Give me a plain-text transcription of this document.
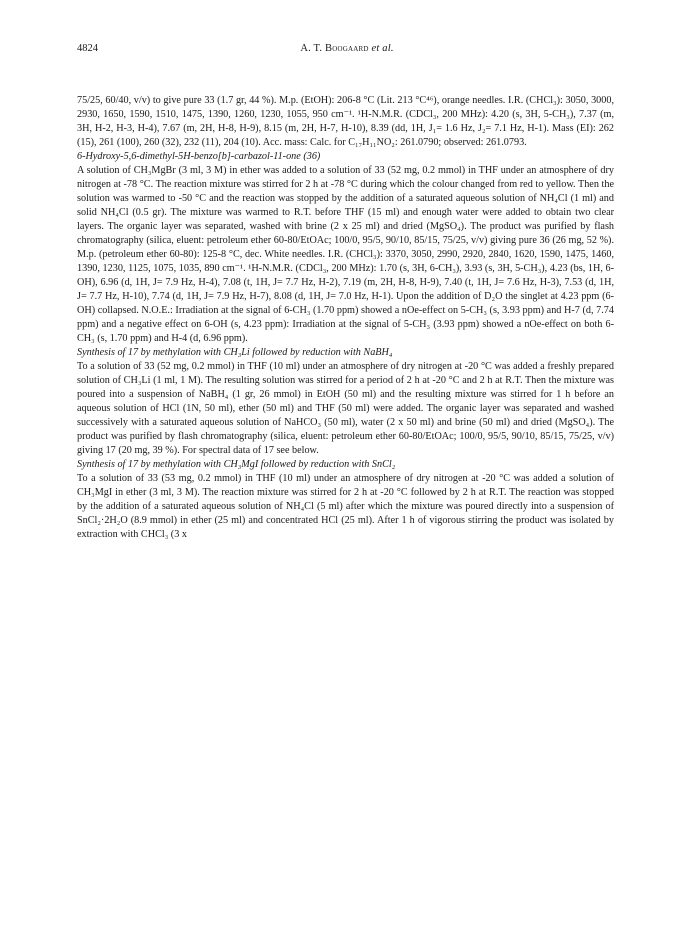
4824	A. T. Boogaard et al.

75/25, 60/40, v/v) to give pure 33 (1.7 gr, 44 %). M.p. (EtOH): 206-8 °C (Lit. 213 °C⁴⁶), orange needles. I.R. (CHCl₃): 3050, 3000, 2930, 1650, 1590, 1510, 1475, 1390, 1260, 1230, 1055, 950 cm⁻¹. ¹H-N.M.R. (CDCl₃, 200 MHz): 4.20 (s, 3H, 5-CH₃), 7.37 (m, 3H, H-2, H-3, H-4), 7.67 (m, 2H, H-8, H-9), 8.15 (m, 2H, H-7, H-10), 8.39 (dd, 1H, J₁= 1.6 Hz, J₂= 7.1 Hz, H-1). Mass (EI): 262 (15), 261 (100), 260 (32), 232 (11), 204 (10). Acc. mass: Calc. for C₁₇H₁₁NO₂: 261.0790; observed: 261.0793.

6-Hydroxy-5,6-dimethyl-5H-benzo[b]-carbazol-11-one (36)

A solution of CH₃MgBr (3 ml, 3 M) in ether was added to a solution of 33 (52 mg, 0.2 mmol) in THF under an atmosphere of dry nitrogen at -78 °C. The reaction mixture was stirred for 2 h at -78 °C during which the colour changed from red to yellow. Then the solution was warmed to -50 °C and the reaction was stopped by the addition of a saturated aqueous solution of NH₄Cl (1 ml) and solid NH₄Cl (0.5 gr). The mixture was warmed to R.T. before THF (15 ml) and enough water were added to obtain two clear layers. The organic layer was separated, washed with brine (2 x 25 ml) and dried (MgSO₄). The product was purified by flash chromatography (silica, eluent: petroleum ether 60-80/EtOAc; 100/0, 95/5, 90/10, 85/15, 75/25, v/v) giving pure 36 (26 mg, 52 %). M.p. (petroleum ether 60-80): 125-8 °C, dec. White needles. I.R. (CHCl₃): 3370, 3050, 2990, 2920, 2840, 1620, 1590, 1475, 1460, 1390, 1230, 1125, 1075, 1035, 890 cm⁻¹. ¹H-N.M.R. (CDCl₃, 200 MHz): 1.70 (s, 3H, 6-CH₃), 3.93 (s, 3H, 5-CH₃), 4.23 (bs, 1H, 6-OH), 6.96 (d, 1H, J= 7.9 Hz, H-4), 7.08 (t, 1H, J= 7.7 Hz, H-2), 7.19 (m, 2H, H-8, H-9), 7.40 (t, 1H, J= 7.6 Hz, H-3), 7.53 (d, 1H, J= 7.7 Hz, H-10), 7.74 (d, 1H, J= 7.9 Hz, H-7), 8.08 (d, 1H, J= 7.0 Hz, H-1). Upon the addition of D₂O the singlet at 4.23 ppm (6-OH) collapsed. N.O.E.: Irradiation at the signal of 6-CH₃ (1.70 ppm) showed a nOe-effect on 5-CH₃ (s, 3.93 ppm) and H-7 (d, 7.74 ppm) and a negative effect on 6-OH (s, 4.23 ppm): Irradiation at the signal of 5-CH₃ (3.93 ppm) showed a nOe-effect on both 6-CH₃ (s, 1.70 ppm) and H-4 (d, 6.96 ppm).

Synthesis of 17 by methylation with CH₃Li followed by reduction with NaBH₄

To a solution of 33 (52 mg, 0.2 mmol) in THF (10 ml) under an atmosphere of dry nitrogen at -20 °C was added a freshly prepared solution of CH₃Li (1 ml, 1 M). The resulting solution was stirred for a period of 2 h at -20 °C and 2 h at R.T. Then the mixture was poured into a suspension of NaBH₄ (1 gr, 26 mmol) in EtOH (50 ml) and the resulting mixture was stirred for 1 h before an aqueous solution of HCl (1N, 50 ml), ether (50 ml) and THF (50 ml) were added. The organic layer was separated and washed successively with a saturated aqueous solution of NaHCO₃ (50 ml), water (2 x 50 ml) and brine (50 ml) and dried (MgSO₄). The product was purified by flash chromatography (silica, eluent: petroleum ether 60-80/EtOAc; 100/0, 95/5, 90/10, 85/15, 75/25, v/v) giving 17 (20 mg, 39 %). For spectral data of 17 see below.

Synthesis of 17 by methylation with CH₃MgI followed by reduction with SnCl₂

To a solution of 33 (53 mg, 0.2 mmol) in THF (10 ml) under an atmosphere of dry nitrogen at -20 °C was added a solution of CH₃MgI in ether (3 ml, 3 M). The reaction mixture was stirred for 2 h at -20 °C followed by 2 h at R.T. The reaction was stopped by the addition of a saturated aqueous solution of NH₄Cl (5 ml) after which the mixture was poured directly into a suspension of SnCl₂·2H₂O (8.9 mmol) in ether (25 ml) and concentrated HCl (25 ml). After 1 h of vigorous stirring the product was isolated by extraction with CHCl₃ (3 x
